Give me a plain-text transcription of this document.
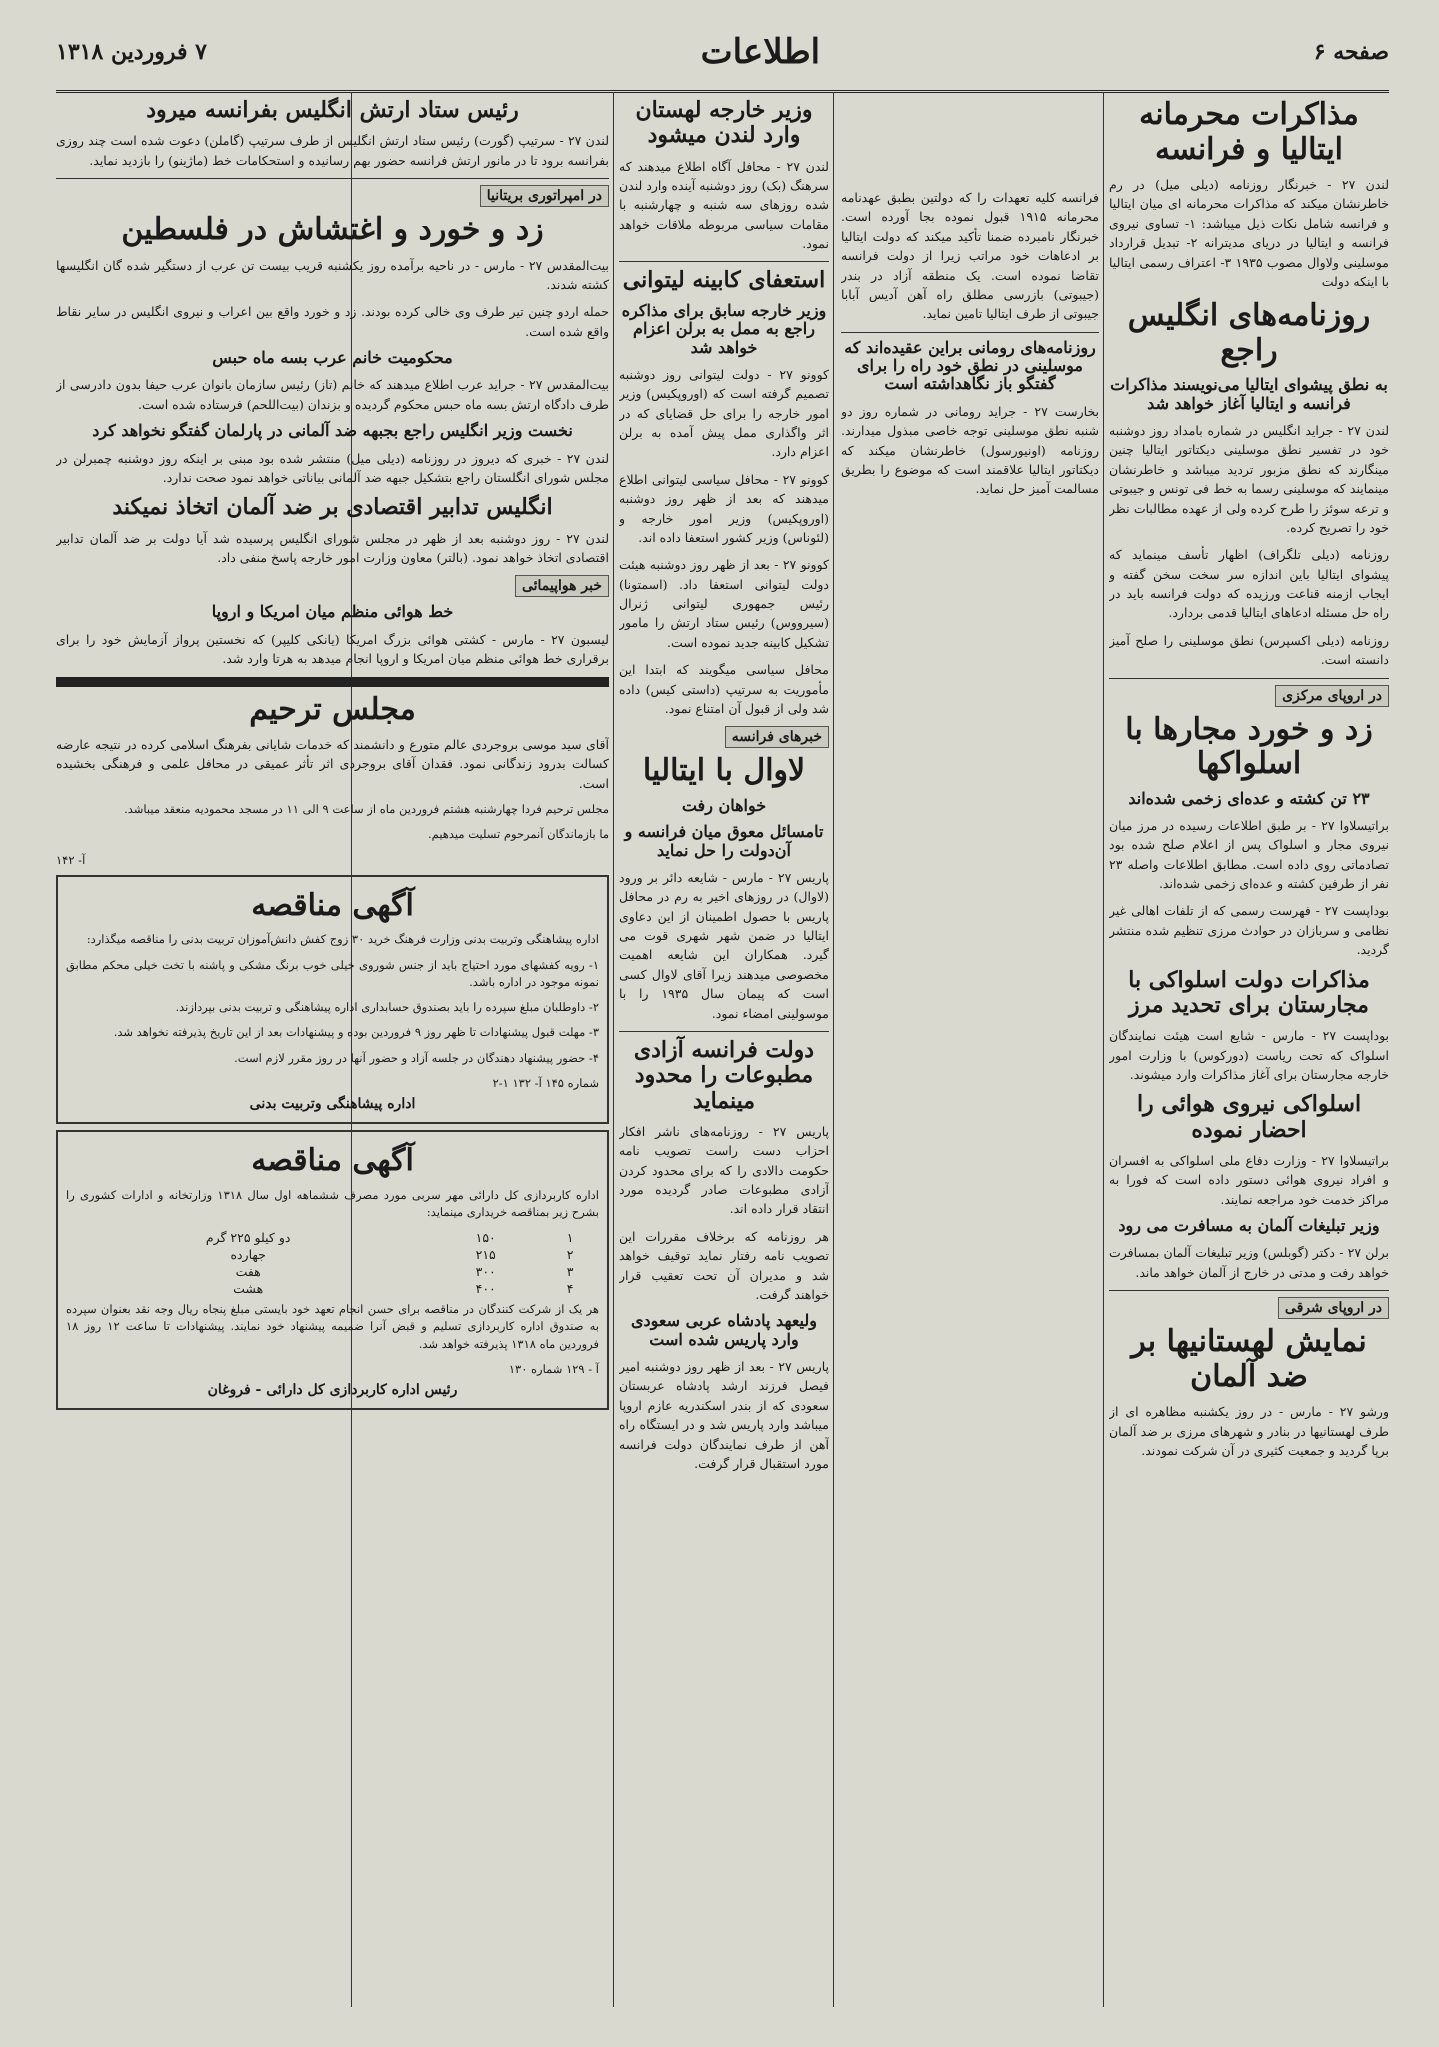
صفحه ۶
اطلاعات
۷ فروردین ۱۳۱۸
مذاکرات محرمانه ایتالیا و فرانسه

لندن ۲۷ - خبرنگار روزنامه (دیلی میل) در رم خاطرنشان میکند که مذاکرات محرمانه ای میان ایتالیا و فرانسه شامل نکات ذیل میباشد: ۱- تساوی نیروی فرانسه و ایتالیا در دریای مدیترانه ۲- تبدیل قرارداد موسلینی ولاوال مصوب ۱۹۳۵ ۳- اعتراف رسمی ایتالیا با اینکه دولت

روزنامه‌های انگلیس راجع
به نطق پیشوای ایتالیا می‌نویسند مذاکرات فرانسه و ایتالیا آغاز خواهد شد

لندن ۲۷ - جراید انگلیس در شماره بامداد روز دوشنبه خود در تفسیر نطق موسلینی دیکتاتور ایتالیا چنین مینگارند که نطق مزبور تردید میباشد و خاطرنشان مینمایند که موسلینی رسما به خط فی تونس و جیبوتی و ترعه سوئز را طرح کرده ولی از عهده مطالبات نظر خود را تصریح کرده.

روزنامه (دیلی تلگراف) اظهار تأسف مینماید که پیشوای ایتالیا باین اندازه سر سخت سخن گفته و ایجاب ازمنه قناعت ورزیده که دولت فرانسه باید در راه حل مسئله ادعاهای ایتالیا قدمی بردارد.

روزنامه (دیلی اکسپرس) نطق موسلینی را صلح آمیز دانسته است.

در اروپای مرکزی
زد و خورد مجارها با اسلواکها
۲۳ تن کشته و عده‌ای زخمی شده‌اند

براتیسلاوا ۲۷ - بر طبق اطلاعات رسیده در مرز میان نیروی مجار و اسلواک پس از اعلام صلح شده بود تصادماتی روی داده است. مطابق اطلاعات واصله ۲۳ نفر از طرفین کشته و عده‌ای زخمی شده‌اند.

بوداپست ۲۷ - فهرست رسمی که از تلفات اهالی غیر نظامی و سربازان در حوادث مرزی تنظیم شده منتشر گردید.

مذاکرات دولت اسلواکی با مجارستان برای تحدید مرز

بوداپست ۲۷ - مارس - شایع است هیئت نمایندگان اسلواک که تحت ریاست (دورکوس) با وزارت امور خارجه مجارستان برای آغاز مذاکرات وارد میشوند.

اسلواکی نیروی هوائی را احضار نموده

براتیسلاوا ۲۷ - وزارت دفاع ملی اسلواکی به افسران و افراد نیروی هوائی دستور داده است که فورا به مراکز خدمت خود مراجعه نمایند.

وزیر تبلیغات آلمان به مسافرت می رود

برلن ۲۷ - دکتر (گوبلس) وزیر تبلیغات آلمان بمسافرت خواهد رفت و مدتی در خارج از آلمان خواهد ماند.

در اروپای شرقی
نمایش لهستانیها بر ضد آلمان

ورشو ۲۷ - مارس - در روز یکشنبه مظاهره ای از طرف لهستانیها در بنادر و شهرهای مرزی بر ضد آلمان برپا گردید و جمعیت کثیری در آن شرکت نمودند.

فرانسه کلیه تعهدات را که دولتین بطبق عهدنامه محرمانه ۱۹۱۵ قبول نموده بجا آورده است. خبرنگار نامبرده ضمنا تأکید میکند که دولت ایتالیا بر ادعاهات خود مراتب زیرا از دولت فرانسه تقاضا نموده است. یک منطقه آزاد در بندر (جیبوتی) بازرسی مطلق راه آهن آدیس آبابا جیبوتی از طرف ایتالیا تامین نماید.

روزنامه‌های رومانی براین عقیده‌اند که موسلینی در نطق خود راه را برای گفتگو باز نگاهداشته است

بخارست ۲۷ - جراید رومانی در شماره روز دو شنبه نطق موسلینی توجه خاصی مبذول میدارند. روزنامه (اونیورسول) خاطرنشان میکند که دیکتاتور ایتالیا علاقمند است که موضوع را بطریق مسالمت آمیز حل نماید.

وزیر خارجه لهستان وارد لندن میشود

لندن ۲۷ - محافل آگاه اطلاع میدهند که سرهنگ (بک) روز دوشنبه آینده وارد لندن شده روزهای سه شنبه و چهارشنبه با مقامات سیاسی مربوطه ملاقات خواهد نمود.

استعفای کابینه لیتوانی
وزیر خارجه سابق برای مذاکره راجع به ممل به برلن اعزام خواهد شد

کوونو ۲۷ - دولت لیتوانی روز دوشنبه تصمیم گرفته است که (اوروپکیس) وزیر امور خارجه را برای حل قضایای که در اثر واگذاری ممل پیش آمده به برلن اعزام دارد.

کوونو ۲۷ - محافل سیاسی لیتوانی اطلاع میدهند که بعد از ظهر روز دوشنبه (اوروپکیس) وزیر امور خارجه و (لئوناس) وزیر کشور استعفا داده اند.

کوونو ۲۷ - بعد از ظهر روز دوشنبه هیئت دولت لیتوانی استعفا داد. (اسمتونا) رئیس جمهوری لیتوانی ژنرال (سیرووس) رئیس ستاد ارتش را مامور تشکیل کابینه جدید نموده است.

محافل سیاسی میگویند که ابتدا این مأموریت به سرتیپ (داستی کیس) داده شد ولی از قبول آن امتناع نمود.

خبرهای فرانسه
لاوال با ایتالیا
خواهان رفت
تامسائل معوق میان فرانسه و آن‌دولت را حل نماید

پاریس ۲۷ - مارس - شایعه دائر بر ورود (لاوال) در روزهای اخیر به رم در محافل پاریس با حصول اطمینان از این دعاوی ایتالیا در ضمن شهر شهری قوت می گیرد. همکاران این شایعه اهمیت مخصوصی میدهند زیرا آقای لاوال کسی است که پیمان سال ۱۹۳۵ را با موسولینی امضاء نمود.

دولت فرانسه آزادی مطبوعات را محدود مینماید

پاریس ۲۷ - روزنامه‌های ناشر افکار احزاب دست راست تصویب نامه حکومت دالادی را که برای محدود کردن آزادی مطبوعات صادر گردیده مورد انتقاد قرار داده اند.

هر روزنامه که برخلاف مقررات این تصویب نامه رفتار نماید توقیف خواهد شد و مدیران آن تحت تعقیب قرار خواهند گرفت.

ولیعهد پادشاه عربی سعودی وارد پاریس شده است

پاریس ۲۷ - بعد از ظهر روز دوشنبه امیر فیصل فرزند ارشد پادشاه عربستان سعودی که از بندر اسکندریه عازم اروپا میباشد وارد پاریس شد و در ایستگاه راه آهن از طرف نمایندگان دولت فرانسه مورد استقبال قرار گرفت.

رئیس ستاد ارتش انگلیس بفرانسه میرود

لندن ۲۷ - سرتیپ (گورت) رئیس ستاد ارتش انگلیس از طرف سرتیپ (گاملن) دعوت شده است چند روزی بفرانسه برود تا در مانور ارتش فرانسه حضور بهم رسانیده و استحکامات خط (ماژینو) را بازدید نماید.

در امپراتوری بریتانیا
زد و خورد و اغتشاش در فلسطین

بیت‌المقدس ۲۷ - مارس - در ناحیه برآمده روز یکشنبه قریب بیست تن عرب از دستگیر شده گان انگلیسها کشته شدند.

حمله اردو چنین تیر طرف وی خالی کرده بودند. زد و خورد واقع بین اعراب و نیروی انگلیس در سایر نقاط واقع شده است.

محکومیت خانم عرب بسه ماه حبس

بیت‌المقدس ۲۷ - جراید عرب اطلاع میدهند که خانم (تاز) رئیس سازمان بانوان عرب حیفا بدون دادرسی از طرف دادگاه ارتش بسه ماه حبس محکوم گردیده و بزندان (بیت‌اللحم) فرستاده شده است.

نخست وزیر انگلیس راجع بجبهه ضد آلمانی در پارلمان گفتگو نخواهد کرد

لندن ۲۷ - خبری که دیروز در روزنامه (دیلی میل) منتشر شده بود مبنی بر اینکه روز دوشنبه چمبرلن در مجلس شورای انگلستان راجع بتشکیل جبهه ضد آلمانی بیاناتی خواهد نمود صحت ندارد.

انگلیس تدابیر اقتصادی بر ضد آلمان اتخاذ نمیکند

لندن ۲۷ - روز دوشنبه بعد از ظهر در مجلس شورای انگلیس پرسیده شد آیا دولت بر ضد آلمان تدابیر اقتصادی اتخاذ خواهد نمود. (بالتر) معاون وزارت امور خارجه پاسخ منفی داد.

خبر هواپیمائی
خط هوائی منظم میان امریکا و اروپا

لیسبون ۲۷ - مارس - کشتی هوائی بزرگ امریکا (یانکی کلیپر) که نخستین پرواز آزمایش خود را برای برقراری خط هوائی منظم میان امریکا و اروپا انجام میدهد به هرتا وارد شد.

مجلس ترحیم

آقای سید موسی بروجردی عالم متورع و دانشمند که خدمات شایانی بفرهنگ اسلامی کرده در نتیجه عارضه کسالت بدرود زندگانی نمود. فقدان آقای بروجردی اثر تأثر عمیقی در محافل علمی و فرهنگی بخشیده است.

مجلس ترحیم فردا چهارشنبه هشتم فروردین ماه از ساعت ۹ الی ۱۱ در مسجد محمودیه منعقد میباشد.

ما بازماندگان آنمرحوم تسلیت میدهیم.

آ- ۱۴۲
آگهی مناقصه

اداره پیشاهنگی وتربیت بدنی وزارت فرهنگ خرید ۳۰ زوج کفش دانش‌آموزان تربیت بدنی را مناقصه میگذارد:

۱- رویه کفشهای مورد احتیاج باید از جنس شوروی خیلی خوب برنگ مشکی و پاشنه با تخت خیلی محکم مطابق نمونه موجود در اداره باشد.

۲- داوطلبان مبلغ سپرده را باید بصندوق حسابداری اداره پیشاهنگی و تربیت بدنی بپردازند.

۳- مهلت قبول پیشنهادات تا ظهر روز ۹ فروردین بوده و پیشنهادات بعد از این تاریخ پذیرفته نخواهد شد.

۴- حضور پیشنهاد دهندگان در جلسه آزاد و حضور آنها در روز مقرر لازم است.

شماره ۱۴۵ آ- ۱۳۲ ۱-۲
اداره پیشاهنگی وتربیت بدنی
آگهی مناقصه

اداره کاربردازی کل دارائی مهر سربی مورد مصرف ششماهه اول سال ۱۳۱۸ وزارتخانه و ادارات کشوری را بشرح زیر بمناقصه خریداری مینماید:

۱	۱۵۰	دو کیلو ۲۲۵ گرم
۲	۲۱۵	جهارده
۳	۳۰۰	هفت
۴	۴۰۰	هشت

هر یک از شرکت کنندگان در مناقصه برای حسن انجام تعهد خود بایستی مبلغ پنجاه ریال وجه نقد بعنوان سپرده به صندوق اداره کاربردازی تسلیم و قبض آنرا ضمیمه پیشنهاد خود نمایند. پیشنهادات تا ساعت ۱۲ روز ۱۸ فروردین ماه ۱۳۱۸ پذیرفته خواهد شد.

آ - ۱۲۹ شماره ۱۳۰
رئیس اداره کاربردازی کل دارائی - فروغان
